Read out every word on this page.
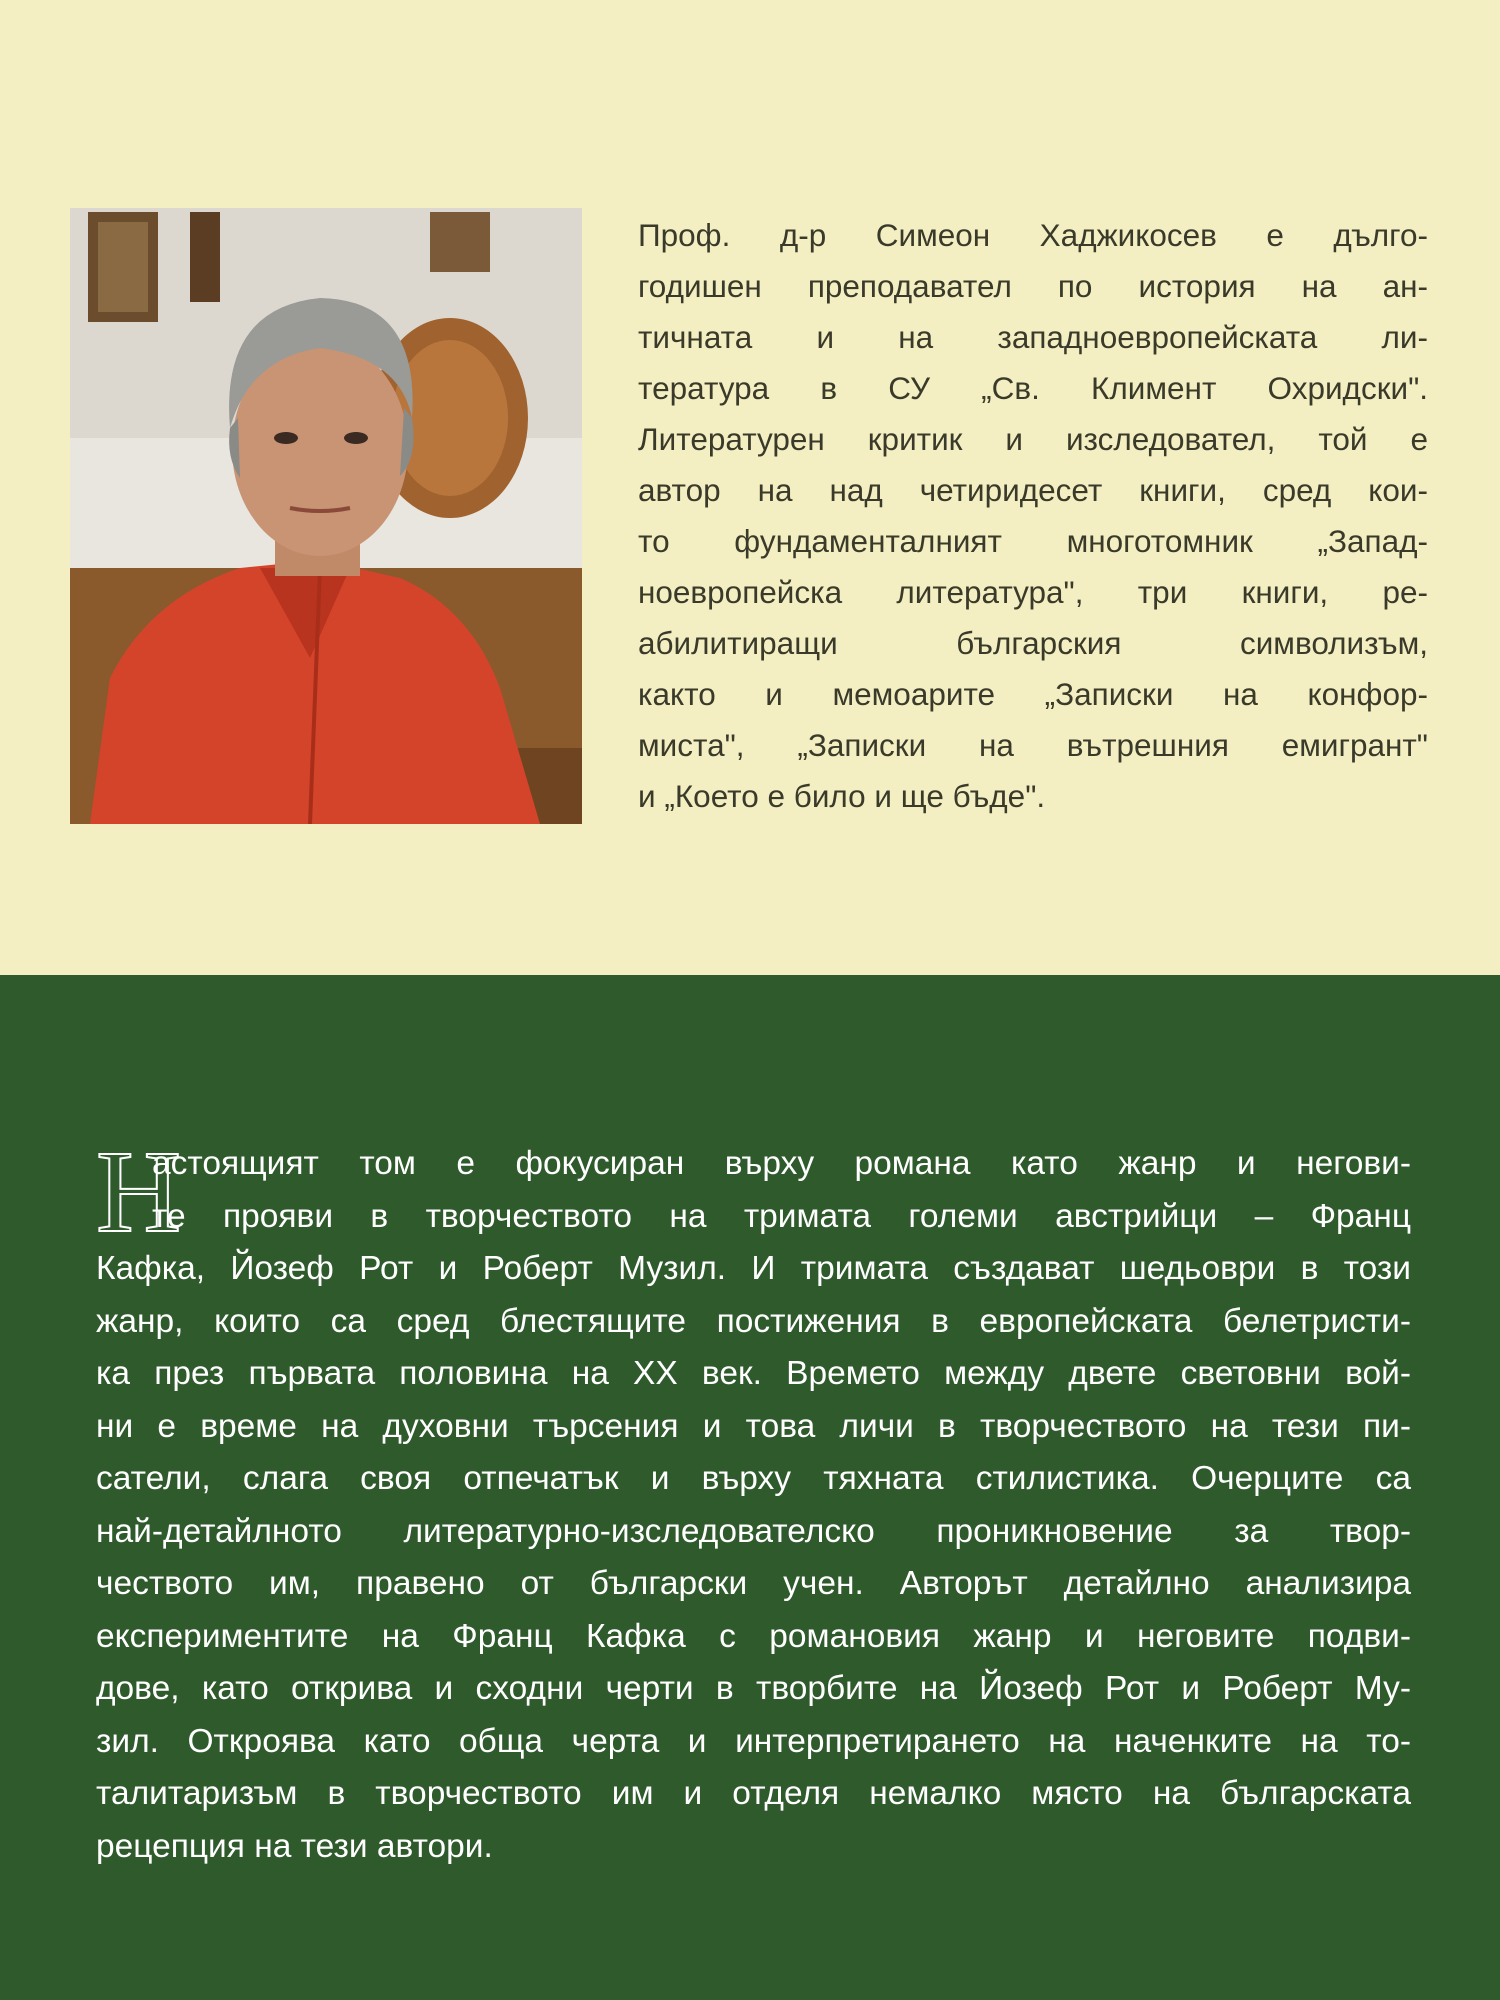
Проф. д-р Симеон Хаджикосев е дълго-
годишен преподавател по история на ан-
тичната и на западноевропейската ли-
тература в СУ „Св. Климент Охридски".
Литературен критик и изследовател, той е
автор на над четиридесет книги, сред кои-
то фундаменталният многотомник „Запад-
ноевропейска литература", три книги, ре-
абилитиращи българския символизъм,
както и мемоарите „Записки на конфор-
миста", „Записки на вътрешния емигрант"
и „Което е било и ще бъде".
Н
астоящият том е фокусиран върху романа като жанр и негови-
те прояви в творчеството на тримата големи австрийци – Франц
Кафка, Йозеф Рот и Роберт Музил. И тримата създават шедьоври в този
жанр, които са сред блестящите постижения в европейската белетристи-
ка през първата половина на XX век. Времето между двете световни вой-
ни е време на духовни търсения и това личи в творчеството на тези пи-
сатели, слага своя отпечатък и върху тяхната стилистика. Очерците са
най-детайлното литературно-изследователско проникновение за твор-
чеството им, правено от български учен. Авторът детайлно анализира
експериментите на Франц Кафка с романовия жанр и неговите подви-
дове, като открива и сходни черти в творбите на Йозеф Рот и Роберт Му-
зил. Откроява като обща черта и интерпретирането на наченките на то-
талитаризъм в творчеството им и отделя немалко място на българската
рецепция на тези автори.
